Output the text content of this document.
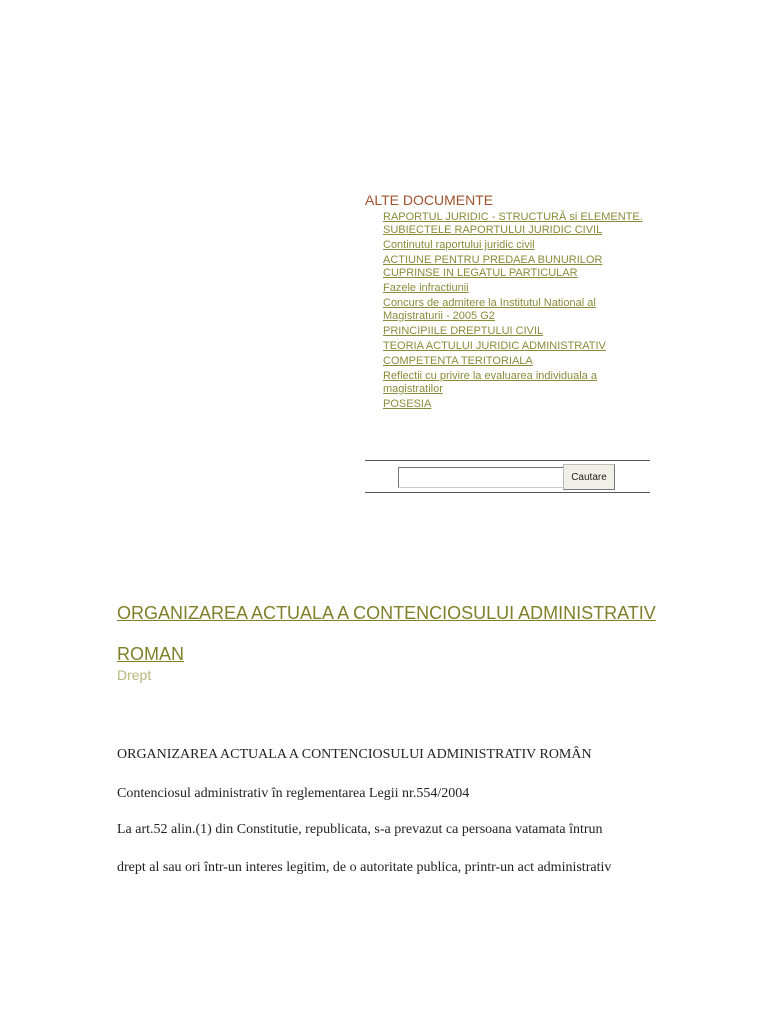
ALTE DOCUMENTE
RAPORTUL JURIDIC - STRUCTURĂ si ELEMENTE. SUBIECTELE RAPORTULUI JURIDIC CIVIL
Continutul raportului juridic civil
ACTIUNE PENTRU PREDAEA BUNURILOR CUPRINSE IN LEGATUL PARTICULAR
Fazele infractiunii
Concurs de admitere la Institutul National al Magistraturii - 2005 G2
PRINCIPIILE DREPTULUI CIVIL
TEORIA ACTULUI JURIDIC ADMINISTRATIV
COMPETENTA TERITORIALA
Reflectii cu privire la evaluarea individuala a magistratilor
POSESIA
Cautare
ORGANIZAREA ACTUALA A CONTENCIOSULUI ADMINISTRATIV ROMAN
Drept

ORGANIZAREA ACTUALA A CONTENCIOSULUI ADMINISTRATIV ROMÂN

Contenciosul administrativ în reglementarea Legii nr.554/2004

La art.52 alin.(1) din Constitutie, republicata, s-a prevazut ca persoana vatamata întrun

drept al sau ori într-un interes legitim, de o autoritate publica, printr-un act administrativ
